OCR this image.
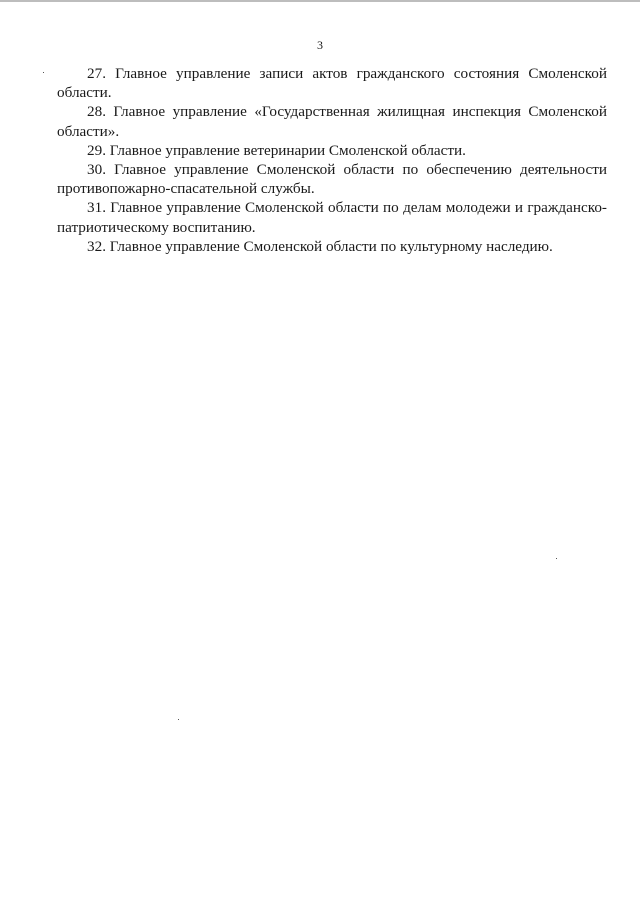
3

27. Главное управление записи актов гражданского состояния Смоленской области.

28. Главное управление «Государственная жилищная инспекция Смоленской области».

29. Главное управление ветеринарии Смоленской области.

30. Главное управление Смоленской области по обеспечению деятельности противопожарно-спасательной службы.

31. Главное управление Смоленской области по делам молодежи и гражданско-патриотическому воспитанию.

32. Главное управление Смоленской области по культурному наследию.
